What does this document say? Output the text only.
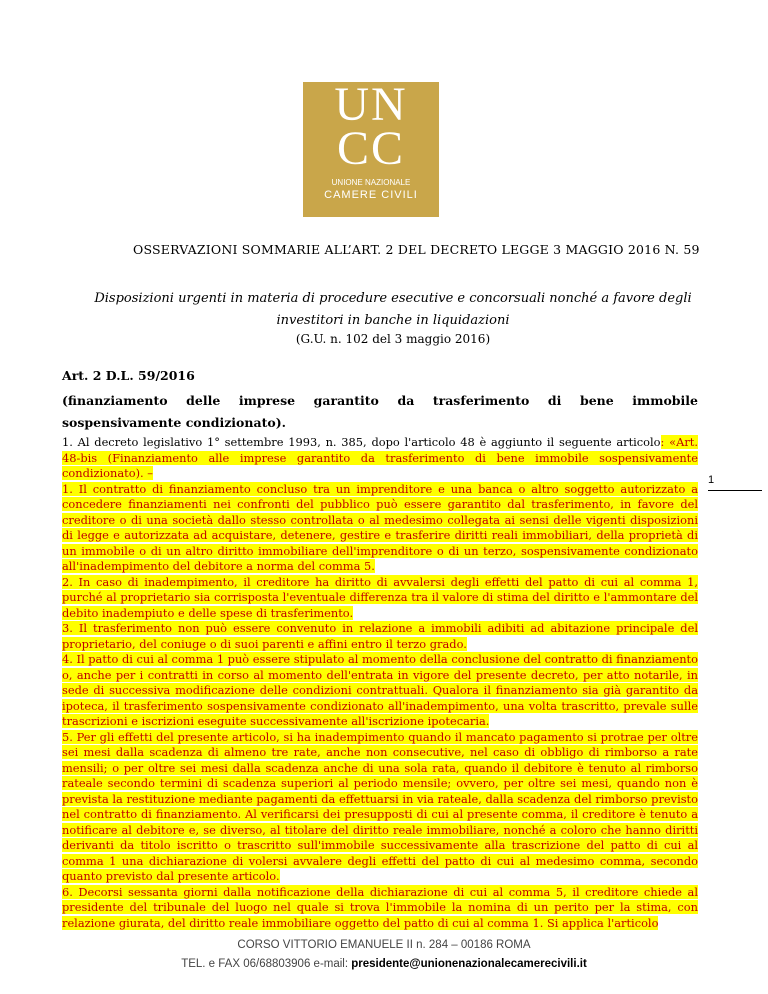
UN
CC
UNIONE NAZIONALE
CAMERE CIVILI
OSSERVAZIONI SOMMARIE ALL’ART. 2 DEL DECRETO LEGGE 3 MAGGIO 2016 N. 59
Disposizioni urgenti in materia di procedure esecutive e concorsuali nonché a favore degli investitori in banche in liquidazioni
(G.U. n. 102 del 3 maggio 2016)
Art. 2 D.L. 59/2016
(finanziamento delle imprese garantito da trasferimento di bene immobile sospensivamente condizionato).

1. Al decreto legislativo 1° settembre 1993, n. 385, dopo l'articolo 48 è aggiunto il seguente articolo: «Art. 48-bis (Finanziamento alle imprese garantito da trasferimento di bene immobile sospensivamente condizionato). –

1. Il contratto di finanziamento concluso tra un imprenditore e una banca o altro soggetto autorizzato a concedere finanziamenti nei confronti del pubblico può essere garantito dal trasferimento, in favore del creditore o di una società dallo stesso controllata o al medesimo collegata ai sensi delle vigenti disposizioni di legge e autorizzata ad acquistare, detenere, gestire e trasferire diritti reali immobiliari, della proprietà di un immobile o di un altro diritto immobiliare dell'imprenditore o di un terzo, sospensivamente condizionato all'inadempimento del debitore a norma del comma 5.

2. In caso di inadempimento, il creditore ha diritto di avvalersi degli effetti del patto di cui al comma 1, purché al proprietario sia corrisposta l'eventuale differenza tra il valore di stima del diritto e l'ammontare del debito inadempiuto e delle spese di trasferimento.

3. Il trasferimento non può essere convenuto in relazione a immobili adibiti ad abitazione principale del proprietario, del coniuge o di suoi parenti e affini entro il terzo grado.

4. Il patto di cui al comma 1 può essere stipulato al momento della conclusione del contratto di finanziamento o, anche per i contratti in corso al momento dell'entrata in vigore del presente decreto, per atto notarile, in sede di successiva modificazione delle condizioni contrattuali. Qualora il finanziamento sia già garantito da ipoteca, il trasferimento sospensivamente condizionato all'inadempimento, una volta trascritto, prevale sulle trascrizioni e iscrizioni eseguite successivamente all'iscrizione ipotecaria.

5. Per gli effetti del presente articolo, si ha inadempimento quando il mancato pagamento si protrae per oltre sei mesi dalla scadenza di almeno tre rate, anche non consecutive, nel caso di obbligo di rimborso a rate mensili; o per oltre sei mesi dalla scadenza anche di una sola rata, quando il debitore è tenuto al rimborso rateale secondo termini di scadenza superiori al periodo mensile; ovvero, per oltre sei mesi, quando non è prevista la restituzione mediante pagamenti da effettuarsi in via rateale, dalla scadenza del rimborso previsto nel contratto di finanziamento. Al verificarsi dei presupposti di cui al presente comma, il creditore è tenuto a notificare al debitore e, se diverso, al titolare del diritto reale immobiliare, nonché a coloro che hanno diritti derivanti da titolo iscritto o trascritto sull'immobile successivamente alla trascrizione del patto di cui al comma 1 una dichiarazione di volersi avvalere degli effetti del patto di cui al medesimo comma, secondo quanto previsto dal presente articolo.

6. Decorsi sessanta giorni dalla notificazione della dichiarazione di cui al comma 5, il creditore chiede al presidente del tribunale del luogo nel quale si trova l'immobile la nomina di un perito per la stima, con relazione giurata, del diritto reale immobiliare oggetto del patto di cui al comma 1. Si applica l'articolo

1
CORSO VITTORIO EMANUELE II n. 284 – 00186 ROMA
TEL. e FAX 06/68803906 e-mail: presidente@unionenazionalecamerecivili.it
